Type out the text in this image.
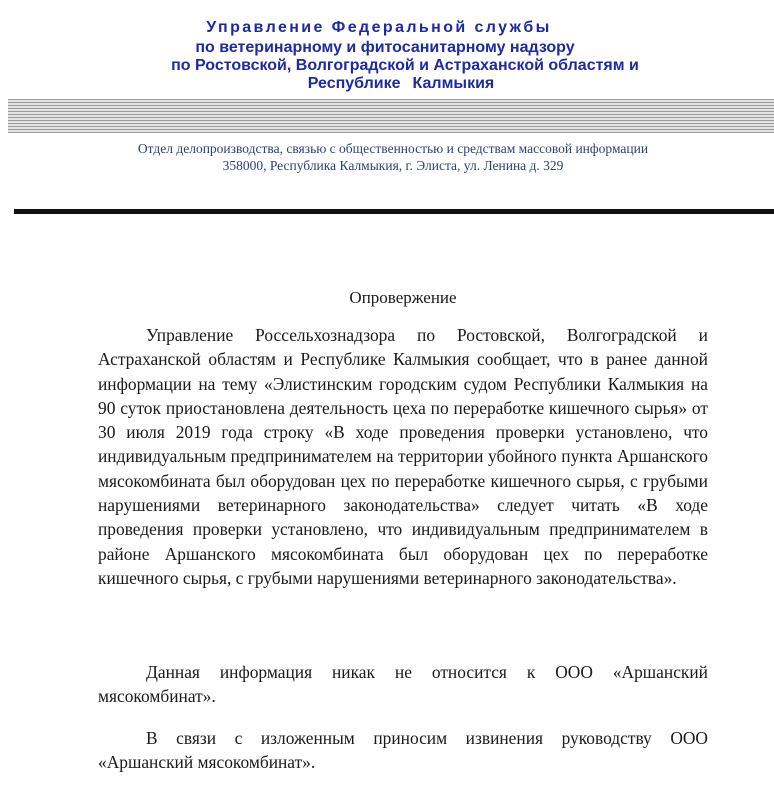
Управление Федеральной службы
по ветеринарному и фитосанитарному надзору
по Ростовской, Волгоградской и Астраханской областям и
Республике Калмыкия
Отдел делопроизводства, связью с общественностью и средствам массовой информации
358000, Республика Калмыкия, г. Элиста, ул. Ленина д. 329
Опровержение

Управление Россельхознадзора по Ростовской, Волгоградской и Астраханской областям и Республике Калмыкия сообщает, что в ранее данной информации на тему «Элистинским городским судом Республики Калмыкия на 90 суток приостановлена деятельность цеха по переработке кишечного сырья» от 30 июля 2019 года строку «В ходе проведения проверки установлено, что индивидуальным предпринимателем на территории убойного пункта Аршанского мясокомбината был оборудован цех по переработке кишечного сырья, с грубыми нарушениями ветеринарного законодательства» следует читать «В ходе проведения проверки установлено, что индивидуальным предпринимателем в районе Аршанского мясокомбината был оборудован цех по переработке кишечного сырья, с грубыми нарушениями ветеринарного законодательства».

Данная информация никак не относится к ООО «Аршанский мясокомбинат».

В связи с изложенным приносим извинения руководству ООО «Аршанский мясокомбинат».
